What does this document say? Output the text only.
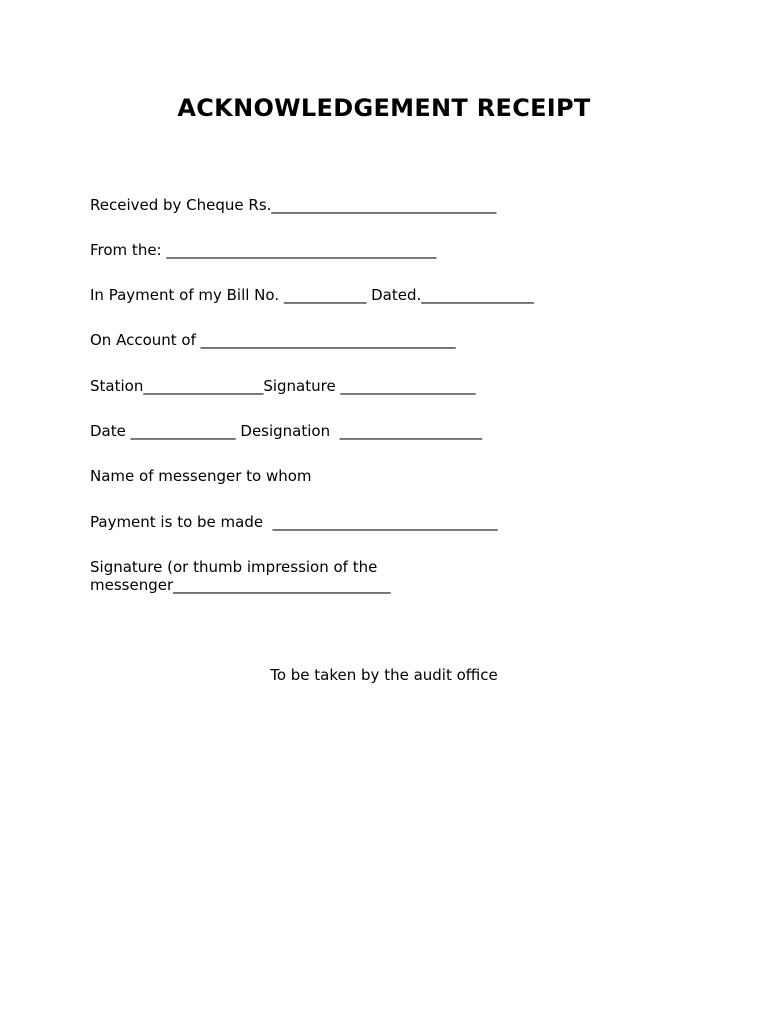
ACKNOWLEDGEMENT RECEIPT
Received by Cheque Rs.______________________________
From the: ____________________________________
In Payment of my Bill No. ___________ Dated._______________
On Account of __________________________________
Station________________Signature __________________
Date ______________ Designation  ___________________
Name of messenger to whom
Payment is to be made  ______________________________
Signature (or thumb impression of the
messenger_____________________________
To be taken by the audit office
